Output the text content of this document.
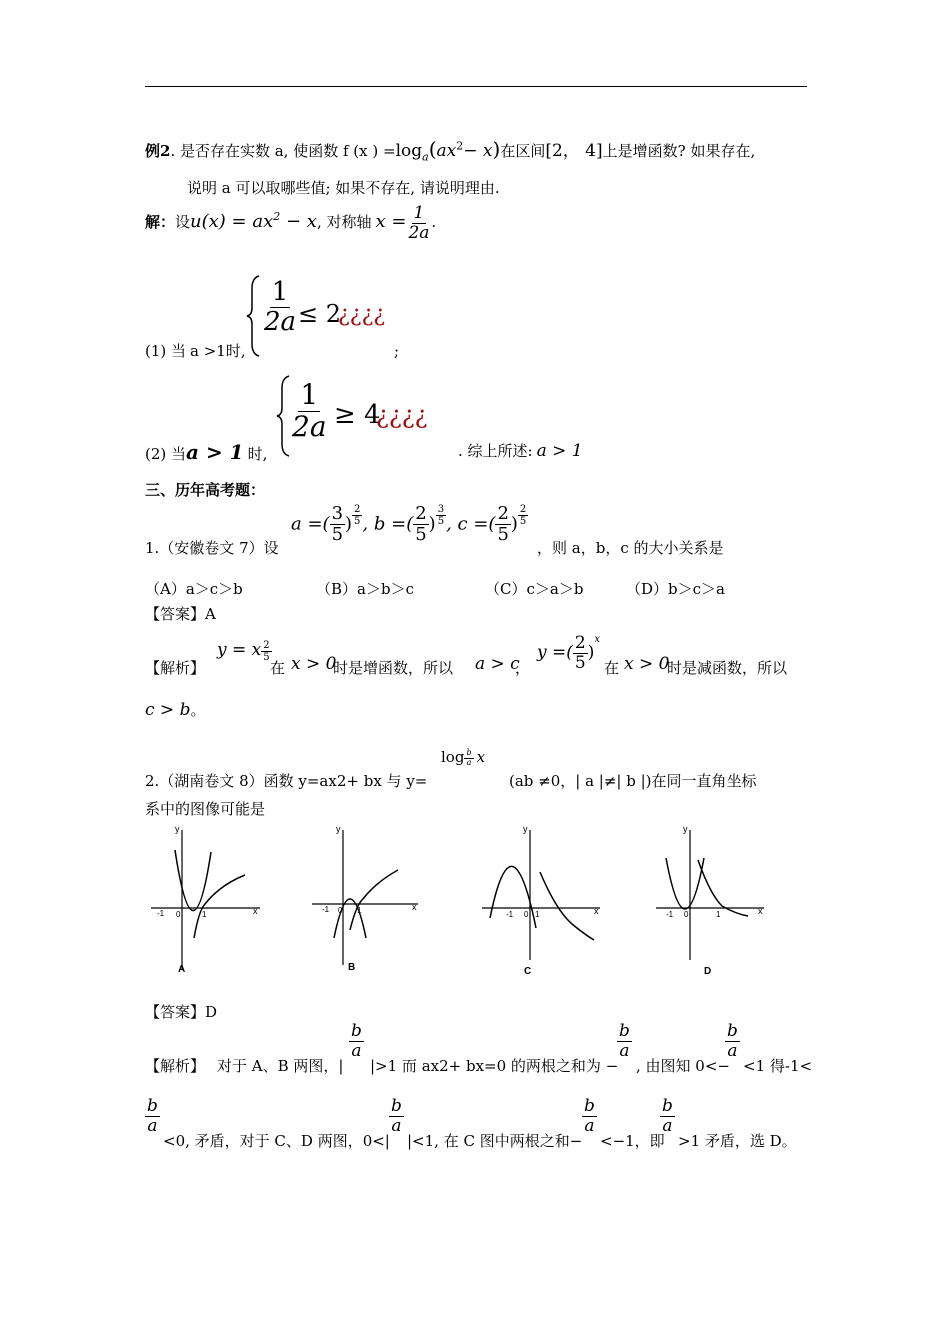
例2. 是否存在实数 a, 使函数 f (x ) $=\log_a(ax^2- x)$在区间[2， 4]上是增函数? 如果存在,
说明 a 可以取哪些值; 如果不存在, 请说明理由.
解：设$u(x) = ax^2 - x$, 对称轴 $x = \frac{1}{2a}$ .
(1) 当 a >1时,
$\frac{1}{2a} \le 2$
¿¿¿¿
;
(2) 当a > 1 时,
$\frac{1}{2a} \ge 4$
¿¿¿¿
. 综上所述: a > 1
三、历年高考题：
1.（安徽卷文 7）设
a =( $\frac{3}{5}$ ) $^{\frac{2}{5}}$ , b =( $\frac{2}{5}$ ) $^{\frac{3}{5}}$ , c =( $\frac{2}{5}$ ) $^{\frac{2}{5}}$
，则 a，b，c 的大小关系是
（A）a＞c＞b	（B）a＞b＞c	（C）c＞a＞b	（D）b＞c＞a
【答案】A
【解析】
y = x $^{\frac{2}{5}}$
在 x > 0
时是增函数，所以 a > c
，
y =( $\frac{2}{5} )^x$
在 x > 0
时是减函数，所以
c > b。
2.（湖南卷文 8）函数 y=ax2+ bx 与 y=
$\log \frac{b}{a}$ x
(ab ≠0，| a |≠| b |)在同一直角坐标
系中的图像可能是
x
y
-1 0	1
A
x
y
-1 0 1
B
x
y
-1 0 1
C
x
y
-1 0	1
D
【答案】D
【解析】 对于 A、B 两图，|
$\frac{b}{a}$
|>1 而 ax2+ bx=0 的两根之和为 −
$\frac{b}{a}$
, 由图知 0<−
$\frac{b}{a}$
<1 得-1<
$\frac{b}{a}$
<0, 矛盾，对于 C、D 两图，0<|
$\frac{b}{a}$
|<1, 在 C 图中两根之和−
$\frac{b}{a}$
<−1，即
$\frac{b}{a}$
>1 矛盾，选 D。
